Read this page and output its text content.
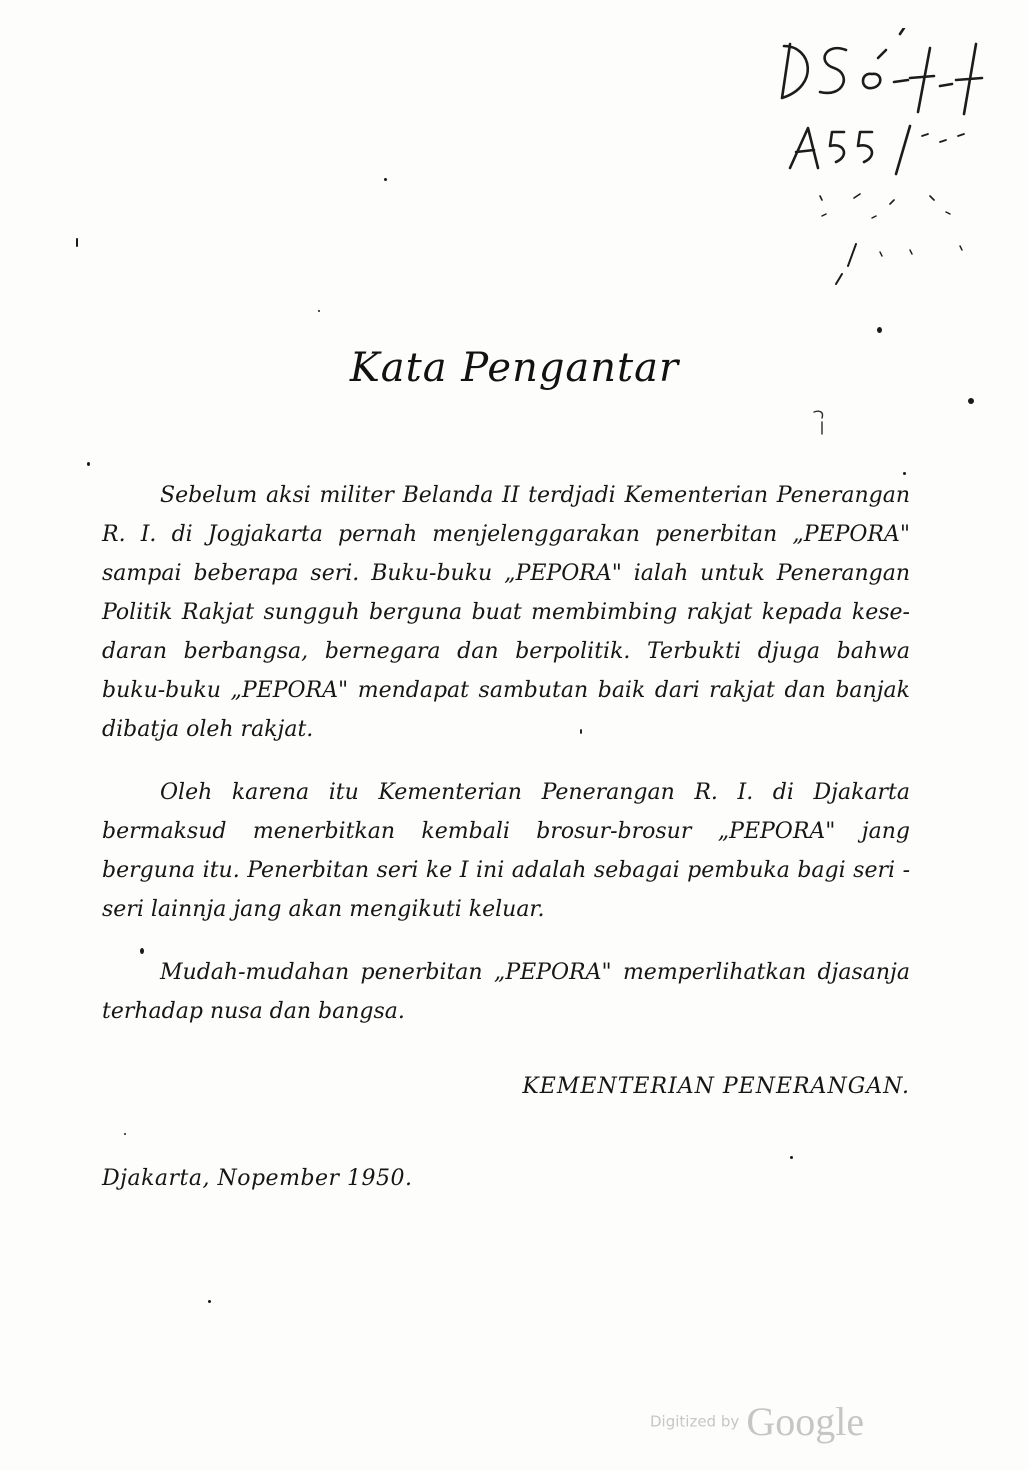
Kata Pengantar

Sebelum aksi militer Belanda II terdjadi Kementerian Penerangan R. I. di Jogjakarta pernah menjelenggarakan penerbitan „PEPORA" sampai beberapa seri. Buku-buku „PEPORA" ialah untuk Penerangan Politik Rakjat sungguh berguna buat membimbing rakjat kepada kese-daran berbangsa, bernegara dan berpolitik. Terbukti djuga bahwa buku-buku „PEPORA" mendapat sambutan baik dari rakjat dan banjak dibatja oleh rakjat.

Oleh karena itu Kementerian Penerangan R. I. di Djakarta bermaksud menerbitkan kembali brosur-brosur „PEPORA" jang berguna itu. Penerbitan seri ke I ini adalah sebagai pembuka bagi seri - seri lainnja jang akan mengikuti keluar.

Mudah-mudahan penerbitan „PEPORA" memperlihatkan djasanja terhadap nusa dan bangsa.

KEMENTERIAN PENERANGAN.
Djakarta, Nopember 1950.
Digitized by Google
